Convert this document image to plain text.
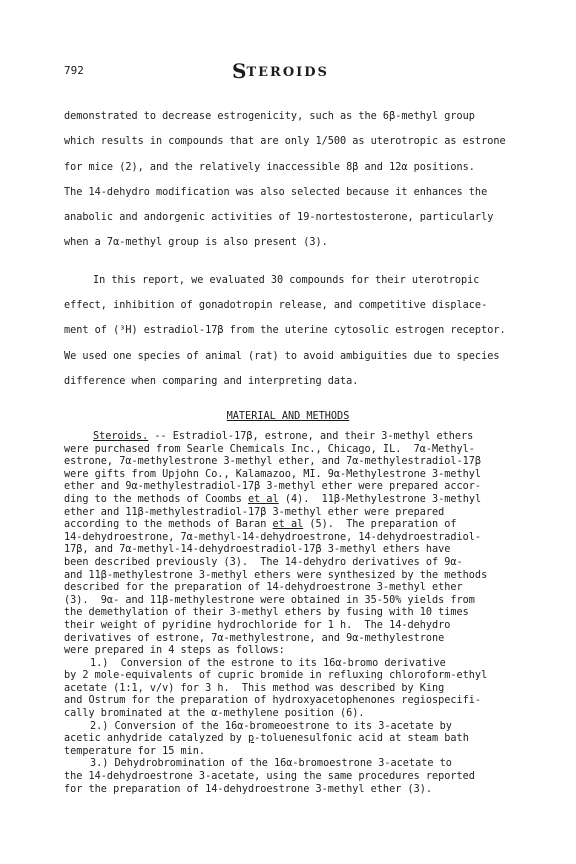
792	STEROIDS

demonstrated to decrease estrogenicity, such as the 6β-methyl group

which results in compounds that are only 1/500 as uterotropic as estrone

for mice (2), and the relatively inaccessible 8β and 12α positions.

The 14-dehydro modification was also selected because it enhances the

anabolic and andorgenic activities of 19-nortestosterone, particularly

when a 7α-methyl group is also present (3).

In this report, we evaluated 30 compounds for their uterotropic

effect, inhibition of gonadotropin release, and competitive displace-

ment of (³H) estradiol-17β from the uterine cytosolic estrogen receptor.

We used one species of animal (rat) to avoid ambiguities due to species

difference when comparing and interpreting data.

MATERIAL AND METHODS
Steroids. -- Estradiol-17β, estrone, and their 3-methyl ethers
were purchased from Searle Chemicals Inc., Chicago, IL.  7α-Methyl-
estrone, 7α-methylestrone 3-methyl ether, and 7α-methylestradiol-17β
were gifts from Upjohn Co., Kalamazoo, MI. 9α-Methylestrone 3-methyl
ether and 9α-methylestradiol-17β 3-methyl ether were prepared accor-
ding to the methods of Coombs et al (4).  11β-Methylestrone 3-methyl
ether and 11β-methylestradiol-17β 3-methyl ether were prepared
according to the methods of Baran et al (5).  The preparation of
14-dehydroestrone, 7α-methyl-14-dehydroestrone, 14-dehydroestradiol-
17β, and 7α-methyl-14-dehydroestradiol-17β 3-methyl ethers have
been described previously (3).  The 14-dehydro derivatives of 9α-
and 11β-methylestrone 3-methyl ethers were synthesized by the methods
described for the preparation of 14-dehydroestrone 3-methyl ether
(3).  9α- and 11β-methylestrone were obtained in 35-50% yields from
the demethylation of their 3-methyl ethers by fusing with 10 times
their weight of pyridine hydrochloride for 1 h.  The 14-dehydro
derivatives of estrone, 7α-methylestrone, and 9α-methylestrone
were prepared in 4 steps as follows:
1.)  Conversion of the estrone to its 16α-bromo derivative
by 2 mole-equivalents of cupric bromide in refluxing chloroform-ethyl
acetate (1:1, v/v) for 3 h.  This method was described by King
and Ostrum for the preparation of hydroxyacetophenones regiospecifi-
cally brominated at the α-methylene position (6).
2.) Conversion of the 16α-bromeoestrone to its 3-acetate by
acetic anhydride catalyzed by p-toluenesulfonic acid at steam bath
temperature for 15 min.
3.) Dehydrobromination of the 16α-bromoestrone 3-acetate to
the 14-dehydroestrone 3-acetate, using the same procedures reported
for the preparation of 14-dehydroestrone 3-methyl ether (3).
